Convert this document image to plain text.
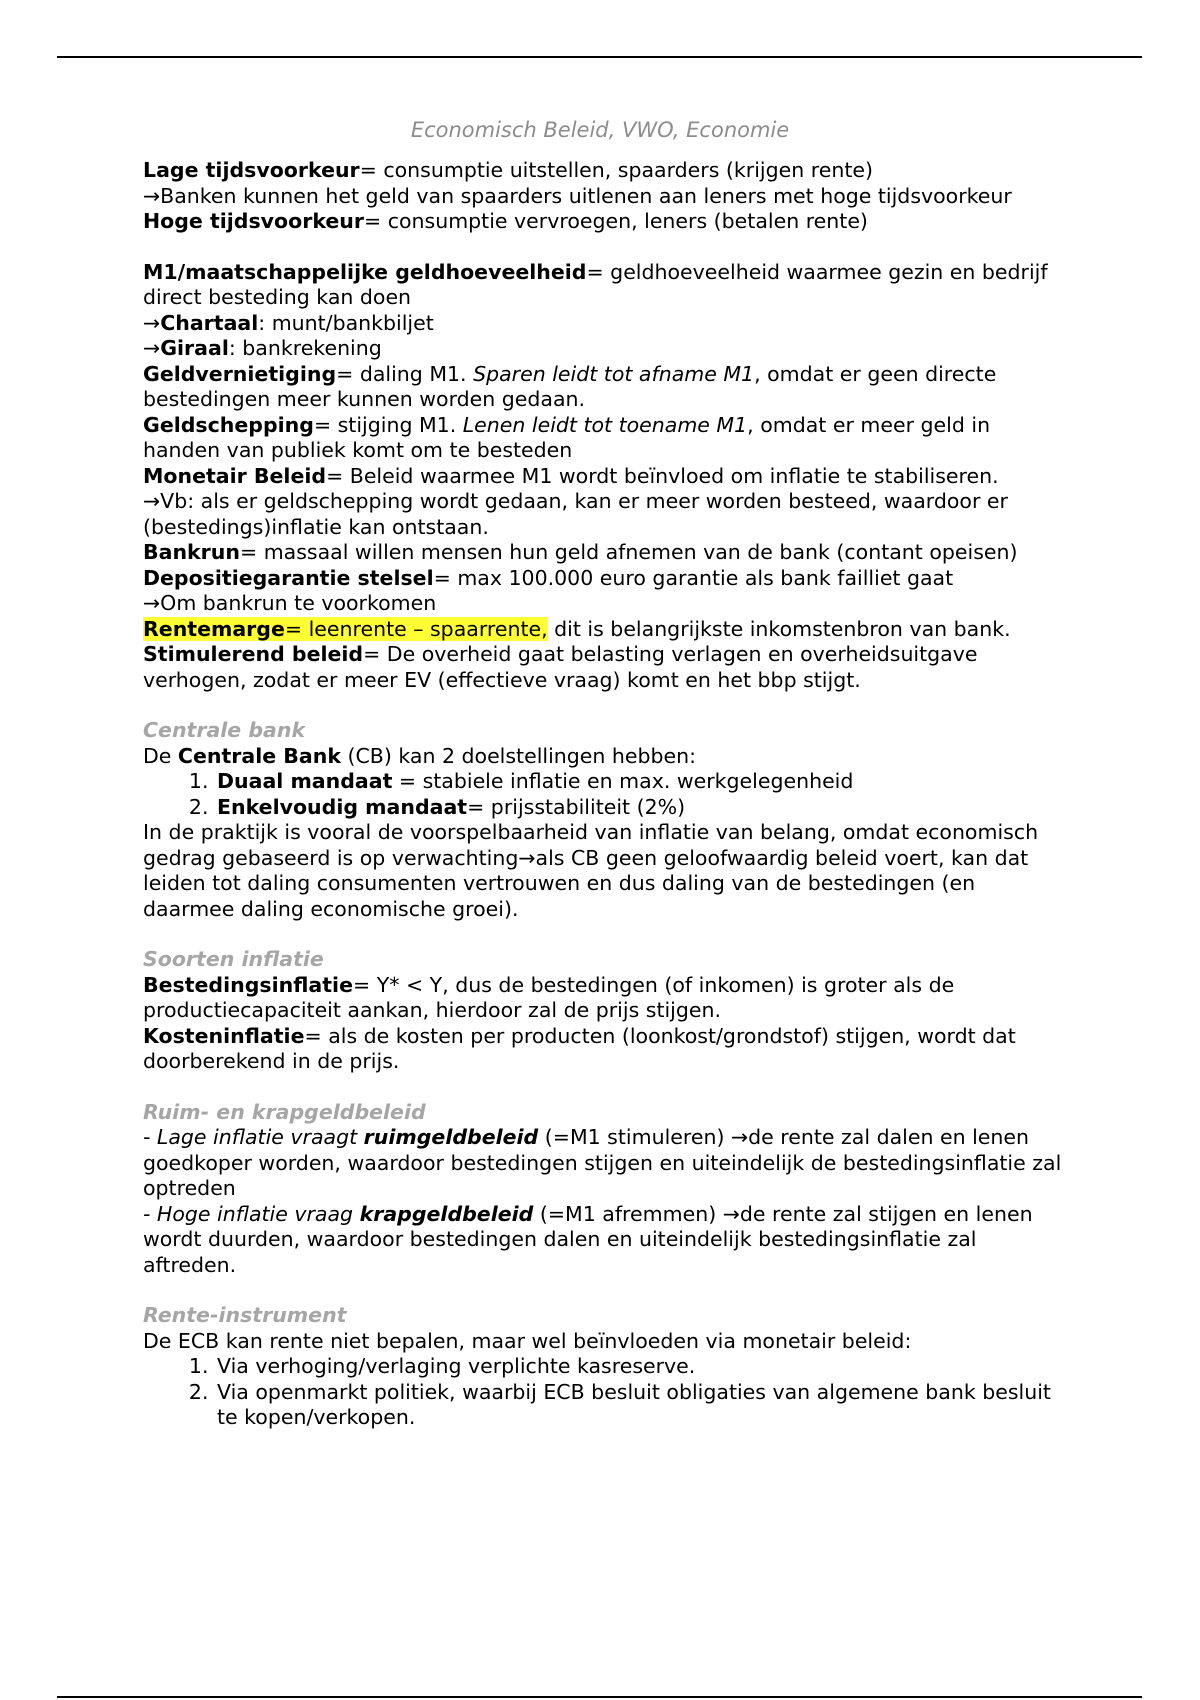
Economisch Beleid, VWO, Economie

Lage tijdsvoorkeur= consumptie uitstellen, spaarders (krijgen rente)

→Banken kunnen het geld van spaarders uitlenen aan leners met hoge tijdsvoorkeur

Hoge tijdsvoorkeur= consumptie vervroegen, leners (betalen rente)

M1/maatschappelijke geldhoeveelheid= geldhoeveelheid waarmee gezin en bedrijf direct besteding kan doen

→Chartaal: munt/bankbiljet

→Giraal: bankrekening

Geldvernietiging= daling M1. Sparen leidt tot afname M1, omdat er geen directe bestedingen meer kunnen worden gedaan.

Geldschepping= stijging M1. Lenen leidt tot toename M1, omdat er meer geld in handen van publiek komt om te besteden

Monetair Beleid= Beleid waarmee M1 wordt beïnvloed om inflatie te stabiliseren.

→Vb: als er geldschepping wordt gedaan, kan er meer worden besteed, waardoor er (bestedings)inflatie kan ontstaan.

Bankrun= massaal willen mensen hun geld afnemen van de bank (contant opeisen)

Depositiegarantie stelsel= max 100.000 euro garantie als bank failliet gaat

→Om bankrun te voorkomen

Rentemarge= leenrente – spaarrente, dit is belangrijkste inkomstenbron van bank.

Stimulerend beleid= De overheid gaat belasting verlagen en overheidsuitgave verhogen, zodat er meer EV (effectieve vraag) komt en het bbp stijgt.

Centrale bank

De Centrale Bank (CB) kan 2 doelstellingen hebben:

1. Duaal mandaat = stabiele inflatie en max. werkgelegenheid
2. Enkelvoudig mandaat= prijsstabiliteit (2%)

In de praktijk is vooral de voorspelbaarheid van inflatie van belang, omdat economisch gedrag gebaseerd is op verwachting→als CB geen geloofwaardig beleid voert, kan dat leiden tot daling consumenten vertrouwen en dus daling van de bestedingen (en daarmee daling economische groei).

Soorten inflatie

Bestedingsinflatie= Y* < Y, dus de bestedingen (of inkomen) is groter als de productiecapaciteit aankan, hierdoor zal de prijs stijgen.

Kosteninflatie= als de kosten per producten (loonkost/grondstof) stijgen, wordt dat doorberekend in de prijs.

Ruim- en krapgeldbeleid

- Lage inflatie vraagt ruimgeldbeleid (=M1 stimuleren) →de rente zal dalen en lenen goedkoper worden, waardoor bestedingen stijgen en uiteindelijk de bestedingsinflatie zal optreden

- Hoge inflatie vraag krapgeldbeleid (=M1 afremmen) →de rente zal stijgen en lenen wordt duurden, waardoor bestedingen dalen en uiteindelijk bestedingsinflatie zal aftreden.

Rente-instrument

De ECB kan rente niet bepalen, maar wel beïnvloeden via monetair beleid:

1. Via verhoging/verlaging verplichte kasreserve.
2. Via openmarkt politiek, waarbij ECB besluit obligaties van algemene bank besluit te kopen/verkopen.
